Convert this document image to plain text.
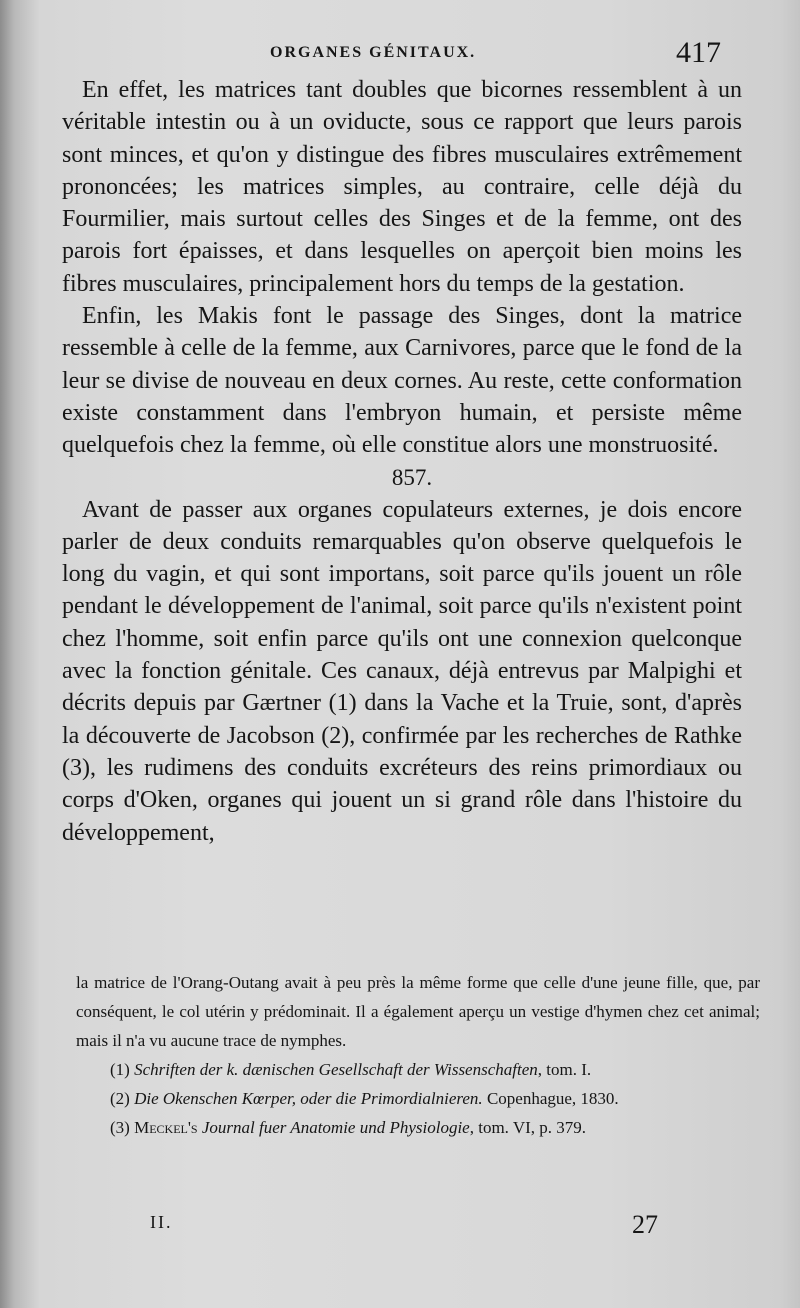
ORGANES GÉNITAUX.	417

En effet, les matrices tant doubles que bicornes ressemblent à un véritable intestin ou à un oviducte, sous ce rapport que leurs parois sont minces, et qu'on y distingue des fibres musculaires extrêmement prononcées; les matrices simples, au contraire, celle déjà du Fourmilier, mais surtout celles des Singes et de la femme, ont des parois fort épaisses, et dans lesquelles on aperçoit bien moins les fibres musculaires, principalement hors du temps de la gestation.

Enfin, les Makis font le passage des Singes, dont la matrice ressemble à celle de la femme, aux Carnivores, parce que le fond de la leur se divise de nouveau en deux cornes. Au reste, cette conformation existe constamment dans l'embryon humain, et persiste même quelquefois chez la femme, où elle constitue alors une monstruosité.

857.

Avant de passer aux organes copulateurs externes, je dois encore parler de deux conduits remarquables qu'on observe quelquefois le long du vagin, et qui sont importans, soit parce qu'ils jouent un rôle pendant le développement de l'animal, soit parce qu'ils n'existent point chez l'homme, soit enfin parce qu'ils ont une connexion quelconque avec la fonction génitale. Ces canaux, déjà entrevus par Malpighi et décrits depuis par Gærtner (1) dans la Vache et la Truie, sont, d'après la découverte de Jacobson (2), confirmée par les recherches de Rathke (3), les rudimens des conduits excréteurs des reins primordiaux ou corps d'Oken, organes qui jouent un si grand rôle dans l'histoire du développement,

la matrice de l'Orang-Outang avait à peu près la même forme que celle d'une jeune fille, que, par conséquent, le col utérin y prédominait. Il a également aperçu un vestige d'hymen chez cet animal; mais il n'a vu aucune trace de nymphes.

(1) Schriften der k. dænischen Gesellschaft der Wissenschaften, tom. I.

(2) Die Okenschen Kœrper, oder die Primordialnieren. Copenhague, 1830.

(3) Meckel's Journal fuer Anatomie und Physiologie, tom. VI, p. 379.

II.	27
